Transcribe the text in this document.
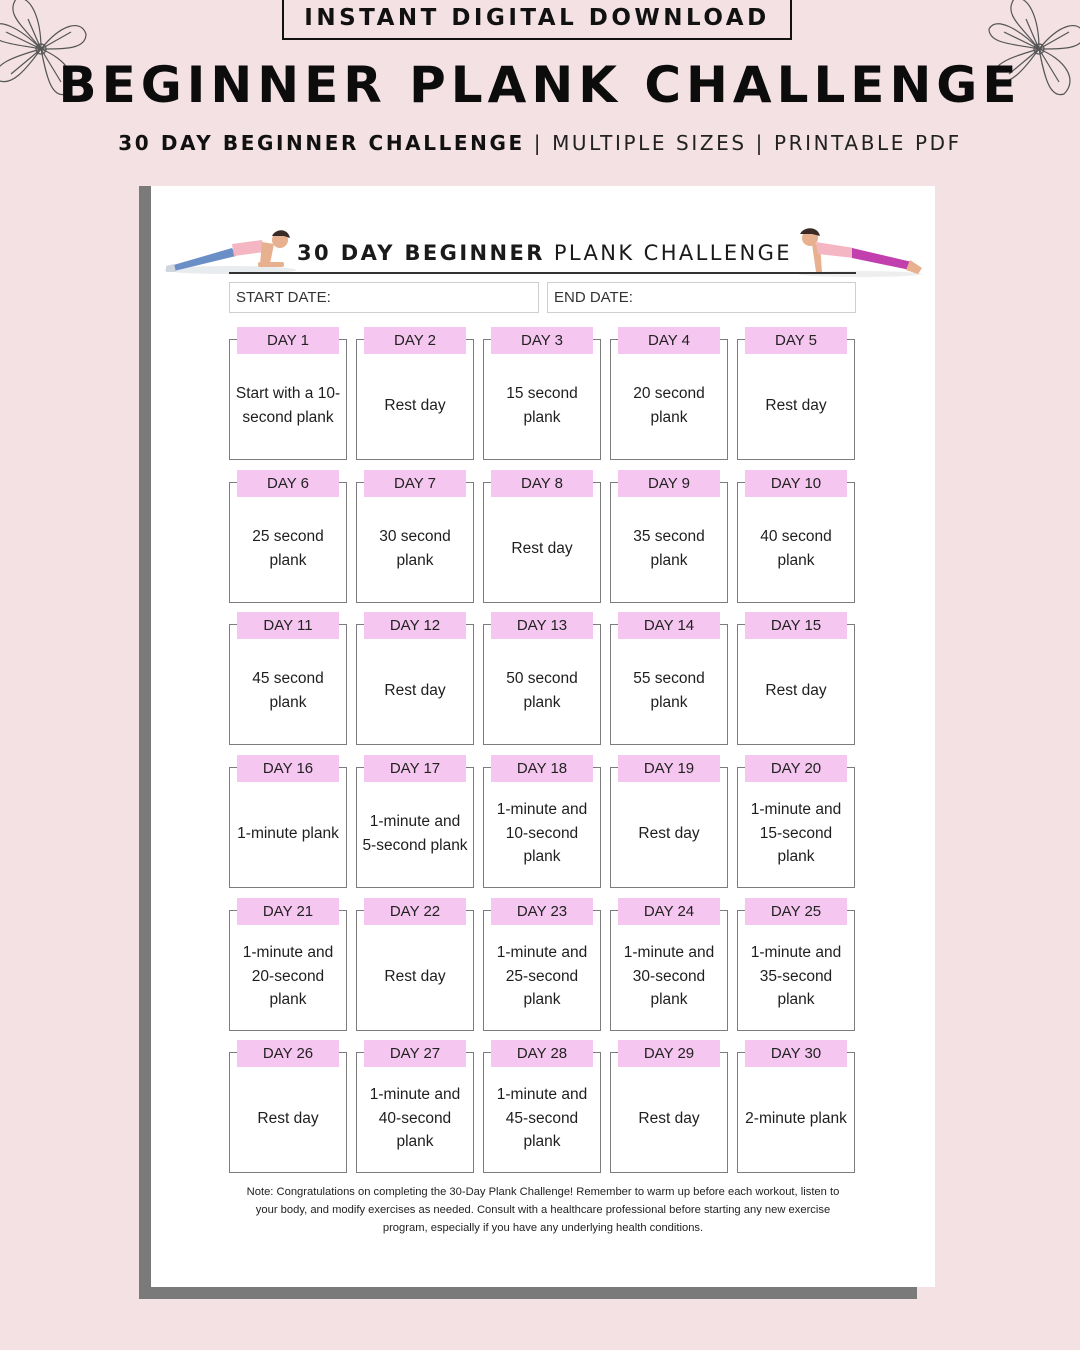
INSTANT DIGITAL DOWNLOAD
BEGINNER PLANK CHALLENGE
30 DAY BEGINNER CHALLENGE | MULTIPLE SIZES | PRINTABLE PDF
30 DAY BEGINNER PLANK CHALLENGE
START DATE:	END DATE:
Start with a 10-second plank
DAY 1
Rest day
DAY 2
15 second plank
DAY 3
20 second plank
DAY 4
Rest day
DAY 5
25 second plank
DAY 6
30 second plank
DAY 7
Rest day
DAY 8
35 second plank
DAY 9
40 second plank
DAY 10
45 second plank
DAY 11
Rest day
DAY 12
50 second plank
DAY 13
55 second plank
DAY 14
Rest day
DAY 15
1-minute plank
DAY 16
1-minute and 5-second plank
DAY 17
1-minute and 10-second plank
DAY 18
Rest day
DAY 19
1-minute and 15-second plank
DAY 20
1-minute and 20-second plank
DAY 21
Rest day
DAY 22
1-minute and 25-second plank
DAY 23
1-minute and 30-second plank
DAY 24
1-minute and 35-second plank
DAY 25
Rest day
DAY 26
1-minute and 40-second plank
DAY 27
1-minute and 45-second plank
DAY 28
Rest day
DAY 29
2-minute plank
DAY 30
Note: Congratulations on completing the 30-Day Plank Challenge! Remember to warm up before each workout, listen to your body, and modify exercises as needed. Consult with a healthcare professional before starting any new exercise program, especially if you have any underlying health conditions.
